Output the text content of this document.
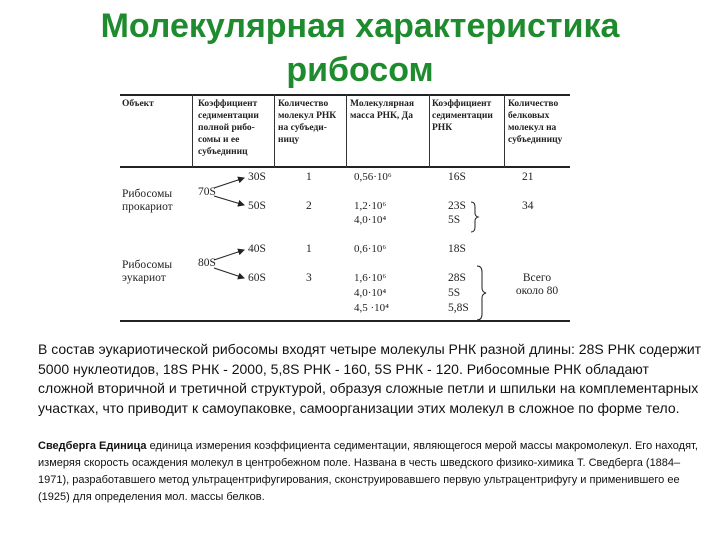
Молекулярная характеристика
рибосом
Объект	Коэффициент седиментации полной рибо-сомы и ее субъединиц
Количество молекул РНК на субъеди-ницу
Молекулярная масса РНК, Да
Коэффициент седиментации РНК
Количество белковых молекул на субъединицу
Рибосомы прокариот
70S
30S
50S
1
2
0,56·10⁶
1,2·10⁶
4,0·10⁴
16S
23S
5S
21
34
Рибосомы эукариот
80S
40S
60S
1
3
0,6·10⁶
1,6·10⁶
4,0·10⁴
4,5 ·10⁴
18S
28S
5S
5,8S
Всего около 80

В состав эукариотической рибосомы входят четыре молекулы РНК разной длины: 28S РНК содержит 5000 нуклеотидов, 18S РНК - 2000, 5,8S РНК - 160, 5S РНК - 120. Рибосомные РНК обладают сложной вторичной и третичной структурой, образуя сложные петли и шпильки на комплементарных участках, что приводит к самоупаковке, самоорганизации этих молекул в сложное по форме тело.

Сведберга Единица единица измерения коэффициента седиментации, являющегося мерой массы макромолекул. Его находят, измеряя скорость осаждения молекул в центробежном поле. Названа в честь шведского физико-химика Т. Сведберга (1884–1971), разработавшего метод ультрацентрифугирования, сконструировавшего первую ультрацентрифугу и применившего ее (1925) для определения мол. массы белков.
